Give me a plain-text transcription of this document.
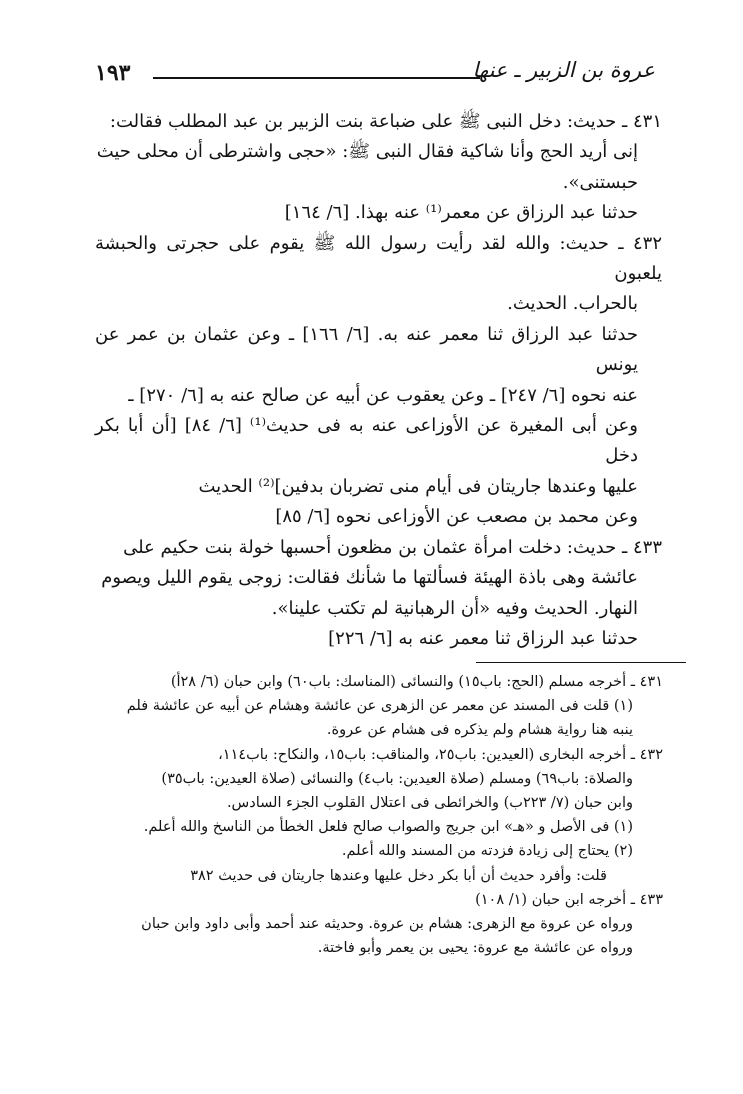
١٩٣	عروة بن الزبير ـ عنها

٤٣١ ـ حديث: دخل النبى ﷺ على ضباعة بنت الزبير بن عبد المطلب فقالت:

إنى أريد الحج وأنا شاكية فقال النبى ﷺ: «حجى واشترطى أن محلى حيث

حبستنى».

حدثنا عبد الرزاق عن معمر⁽¹⁾ عنه بهذا. [٦/ ١٦٤]

٤٣٢ ـ حديث: والله لقد رأيت رسول الله ﷺ يقوم على حجرتى والحبشة يلعبون

بالحراب. الحديث.

حدثنا عبد الرزاق ثنا معمر عنه به. [٦/ ١٦٦] ـ وعن عثمان بن عمر عن يونس

عنه نحوه [٦/ ٢٤٧] ـ وعن يعقوب عن أبيه عن صالح عنه به [٦/ ٢٧٠] ـ

وعن أبى المغيرة عن الأوزاعى عنه به فى حديث⁽¹⁾ [٦/ ٨٤] [أن أبا بكر دخل

عليها وعندها جاريتان فى أيام منى تضربان بدفين]⁽²⁾ الحديث

وعن محمد بن مصعب عن الأوزاعى نحوه [٦/ ٨٥]

٤٣٣ ـ حديث: دخلت امرأة عثمان بن مظعون أحسبها خولة بنت حكيم على

عائشة وهى باذة الهيئة فسألتها ما شأنك فقالت: زوجى يقوم الليل ويصوم

النهار. الحديث وفيه «أن الرهبانية لم تكتب علينا».

حدثنا عبد الرزاق ثنا معمر عنه به [٦/ ٢٢٦]

٤٣١ ـ أخرجه مسلم (الحج: باب١٥) والنسائى (المناسك: باب٦٠) وابن حبان (٦/ ٢٨أ)

(١) قلت فى المسند عن معمر عن الزهرى عن عائشة وهشام عن أبيه عن عائشة فلم

ينبه هنا رواية هشام ولم يذكره فى هشام عن عروة.

٤٣٢ ـ أخرجه البخارى (العيدين: باب٢٥، والمناقب: باب١٥، والنكاح: باب١١٤،

والصلاة: باب٦٩) ومسلم (صلاة العيدين: باب٤) والنسائى (صلاة العيدين: باب٣٥)

وابن حبان (٧/ ٢٢٣ب) والخرائطى فى اعتلال القلوب الجزء السادس.

(١) فى الأصل و «هـ» ابن جريج والصواب صالح فلعل الخطأ من الناسخ والله أعلم.

(٢) يحتاج إلى زيادة فزدته من المسند والله أعلم.

قلت: وأفرد حديث أن أبا بكر دخل عليها وعندها جاريتان فى حديث ٣٨٢

٤٣٣ ـ أخرجه ابن حبان (١/ ١٠٨)

ورواه عن عروة مع الزهرى: هشام بن عروة. وحديثه عند أحمد وأبى داود وابن حبان

ورواه عن عائشة مع عروة: يحيى بن يعمر وأبو فاختة.
